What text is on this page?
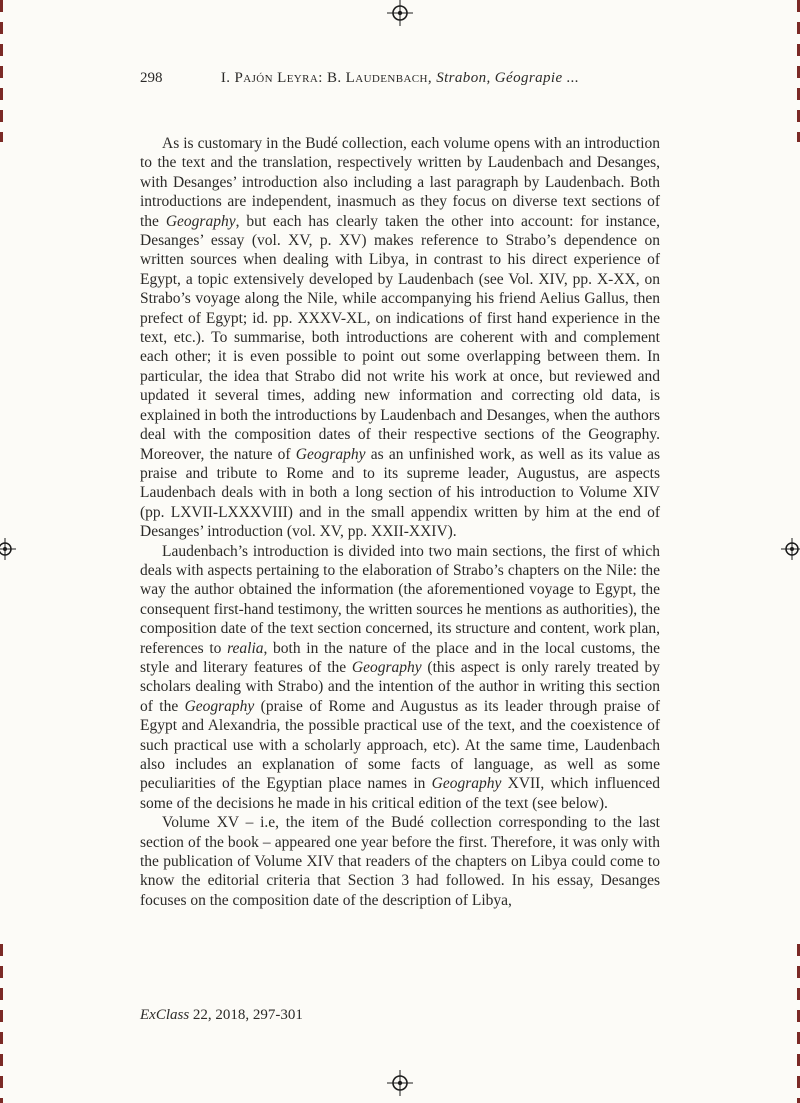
298	I. Pajón Leyra: B. Laudenbach, Strabon, Géograpie ...

As is customary in the Budé collection, each volume opens with an introduction to the text and the translation, respectively written by Laudenbach and Desanges, with Desanges’ introduction also including a last paragraph by Laudenbach. Both introductions are independent, inasmuch as they focus on diverse text sections of the Geography, but each has clearly taken the other into account: for instance, Desanges’ essay (vol. XV, p. XV) makes reference to Strabo’s dependence on written sources when dealing with Libya, in contrast to his direct experience of Egypt, a topic extensively developed by Laudenbach (see Vol. XIV, pp. X-XX, on Strabo’s voyage along the Nile, while accompanying his friend Aelius Gallus, then prefect of Egypt; id. pp. XXXV-XL, on indications of first hand experience in the text, etc.). To summarise, both introductions are coherent with and complement each other; it is even possible to point out some overlapping between them. In particular, the idea that Strabo did not write his work at once, but reviewed and updated it several times, adding new information and correcting old data, is explained in both the introductions by Laudenbach and Desanges, when the authors deal with the composition dates of their respective sections of the Geography. Moreover, the nature of Geography as an unfinished work, as well as its value as praise and tribute to Rome and to its supreme leader, Augustus, are aspects Laudenbach deals with in both a long section of his introduction to Volume XIV (pp. LXVII-LXXXVIII) and in the small appendix written by him at the end of Desanges’ introduction (vol. XV, pp. XXII-XXIV).

Laudenbach’s introduction is divided into two main sections, the first of which deals with aspects pertaining to the elaboration of Strabo’s chapters on the Nile: the way the author obtained the information (the aforementioned voyage to Egypt, the consequent first-hand testimony, the written sources he mentions as authorities), the composition date of the text section concerned, its structure and content, work plan, references to realia, both in the nature of the place and in the local customs, the style and literary features of the Geography (this aspect is only rarely treated by scholars dealing with Strabo) and the intention of the author in writing this section of the Geography (praise of Rome and Augustus as its leader through praise of Egypt and Alexandria, the possible practical use of the text, and the coexistence of such practical use with a scholarly approach, etc). At the same time, Laudenbach also includes an explanation of some facts of language, as well as some peculiarities of the Egyptian place names in Geography XVII, which influenced some of the decisions he made in his critical edition of the text (see below).

Volume XV – i.e, the item of the Budé collection corresponding to the last section of the book – appeared one year before the first. Therefore, it was only with the publication of Volume XIV that readers of the chapters on Libya could come to know the editorial criteria that Section 3 had followed. In his essay, Desanges focuses on the composition date of the description of Libya,

ExClass 22, 2018, 297-301
